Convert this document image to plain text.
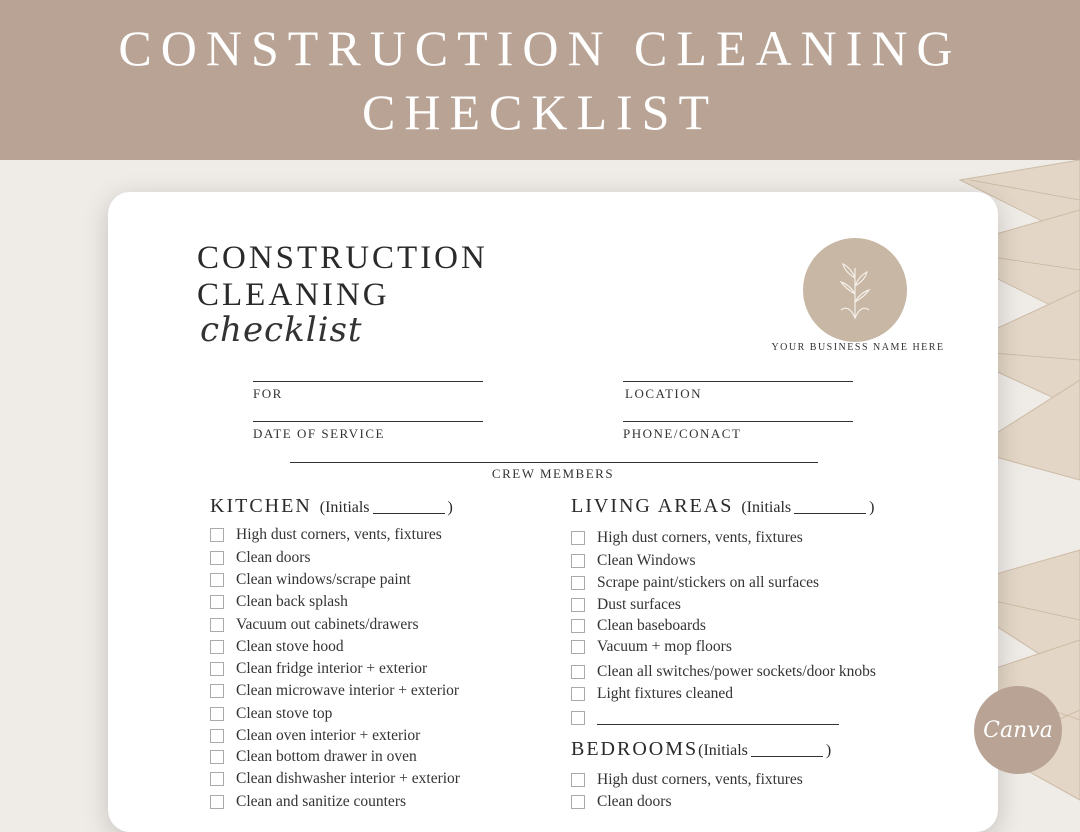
CONSTRUCTION CLEANING
CHECKLIST
CONSTRUCTION
CLEANING
checklist	YOUR BUSINESS NAME HERE
FOR	LOCATION
DATE OF SERVICE	PHONE/CONACT
CREW MEMBERS
KITCHEN (Initials	)
High dust corners, vents, fixtures
Clean doors
Clean windows/scrape paint
Clean back splash
Vacuum out cabinets/drawers
Clean stove hood
Clean fridge interior + exterior
Clean microwave interior + exterior
Clean stove top
Clean oven interior + exterior
Clean bottom drawer in oven
Clean dishwasher interior + exterior
Clean and sanitize counters
LIVING AREAS (Initials	)
High dust corners, vents, fixtures
Clean Windows
Scrape paint/stickers on all surfaces
Dust surfaces
Clean baseboards
Vacuum + mop floors
Clean all switches/power sockets/door knobs
Light fixtures cleaned
BEDROOMS(Initials	)
High dust corners, vents, fixtures
Clean doors
Canva
